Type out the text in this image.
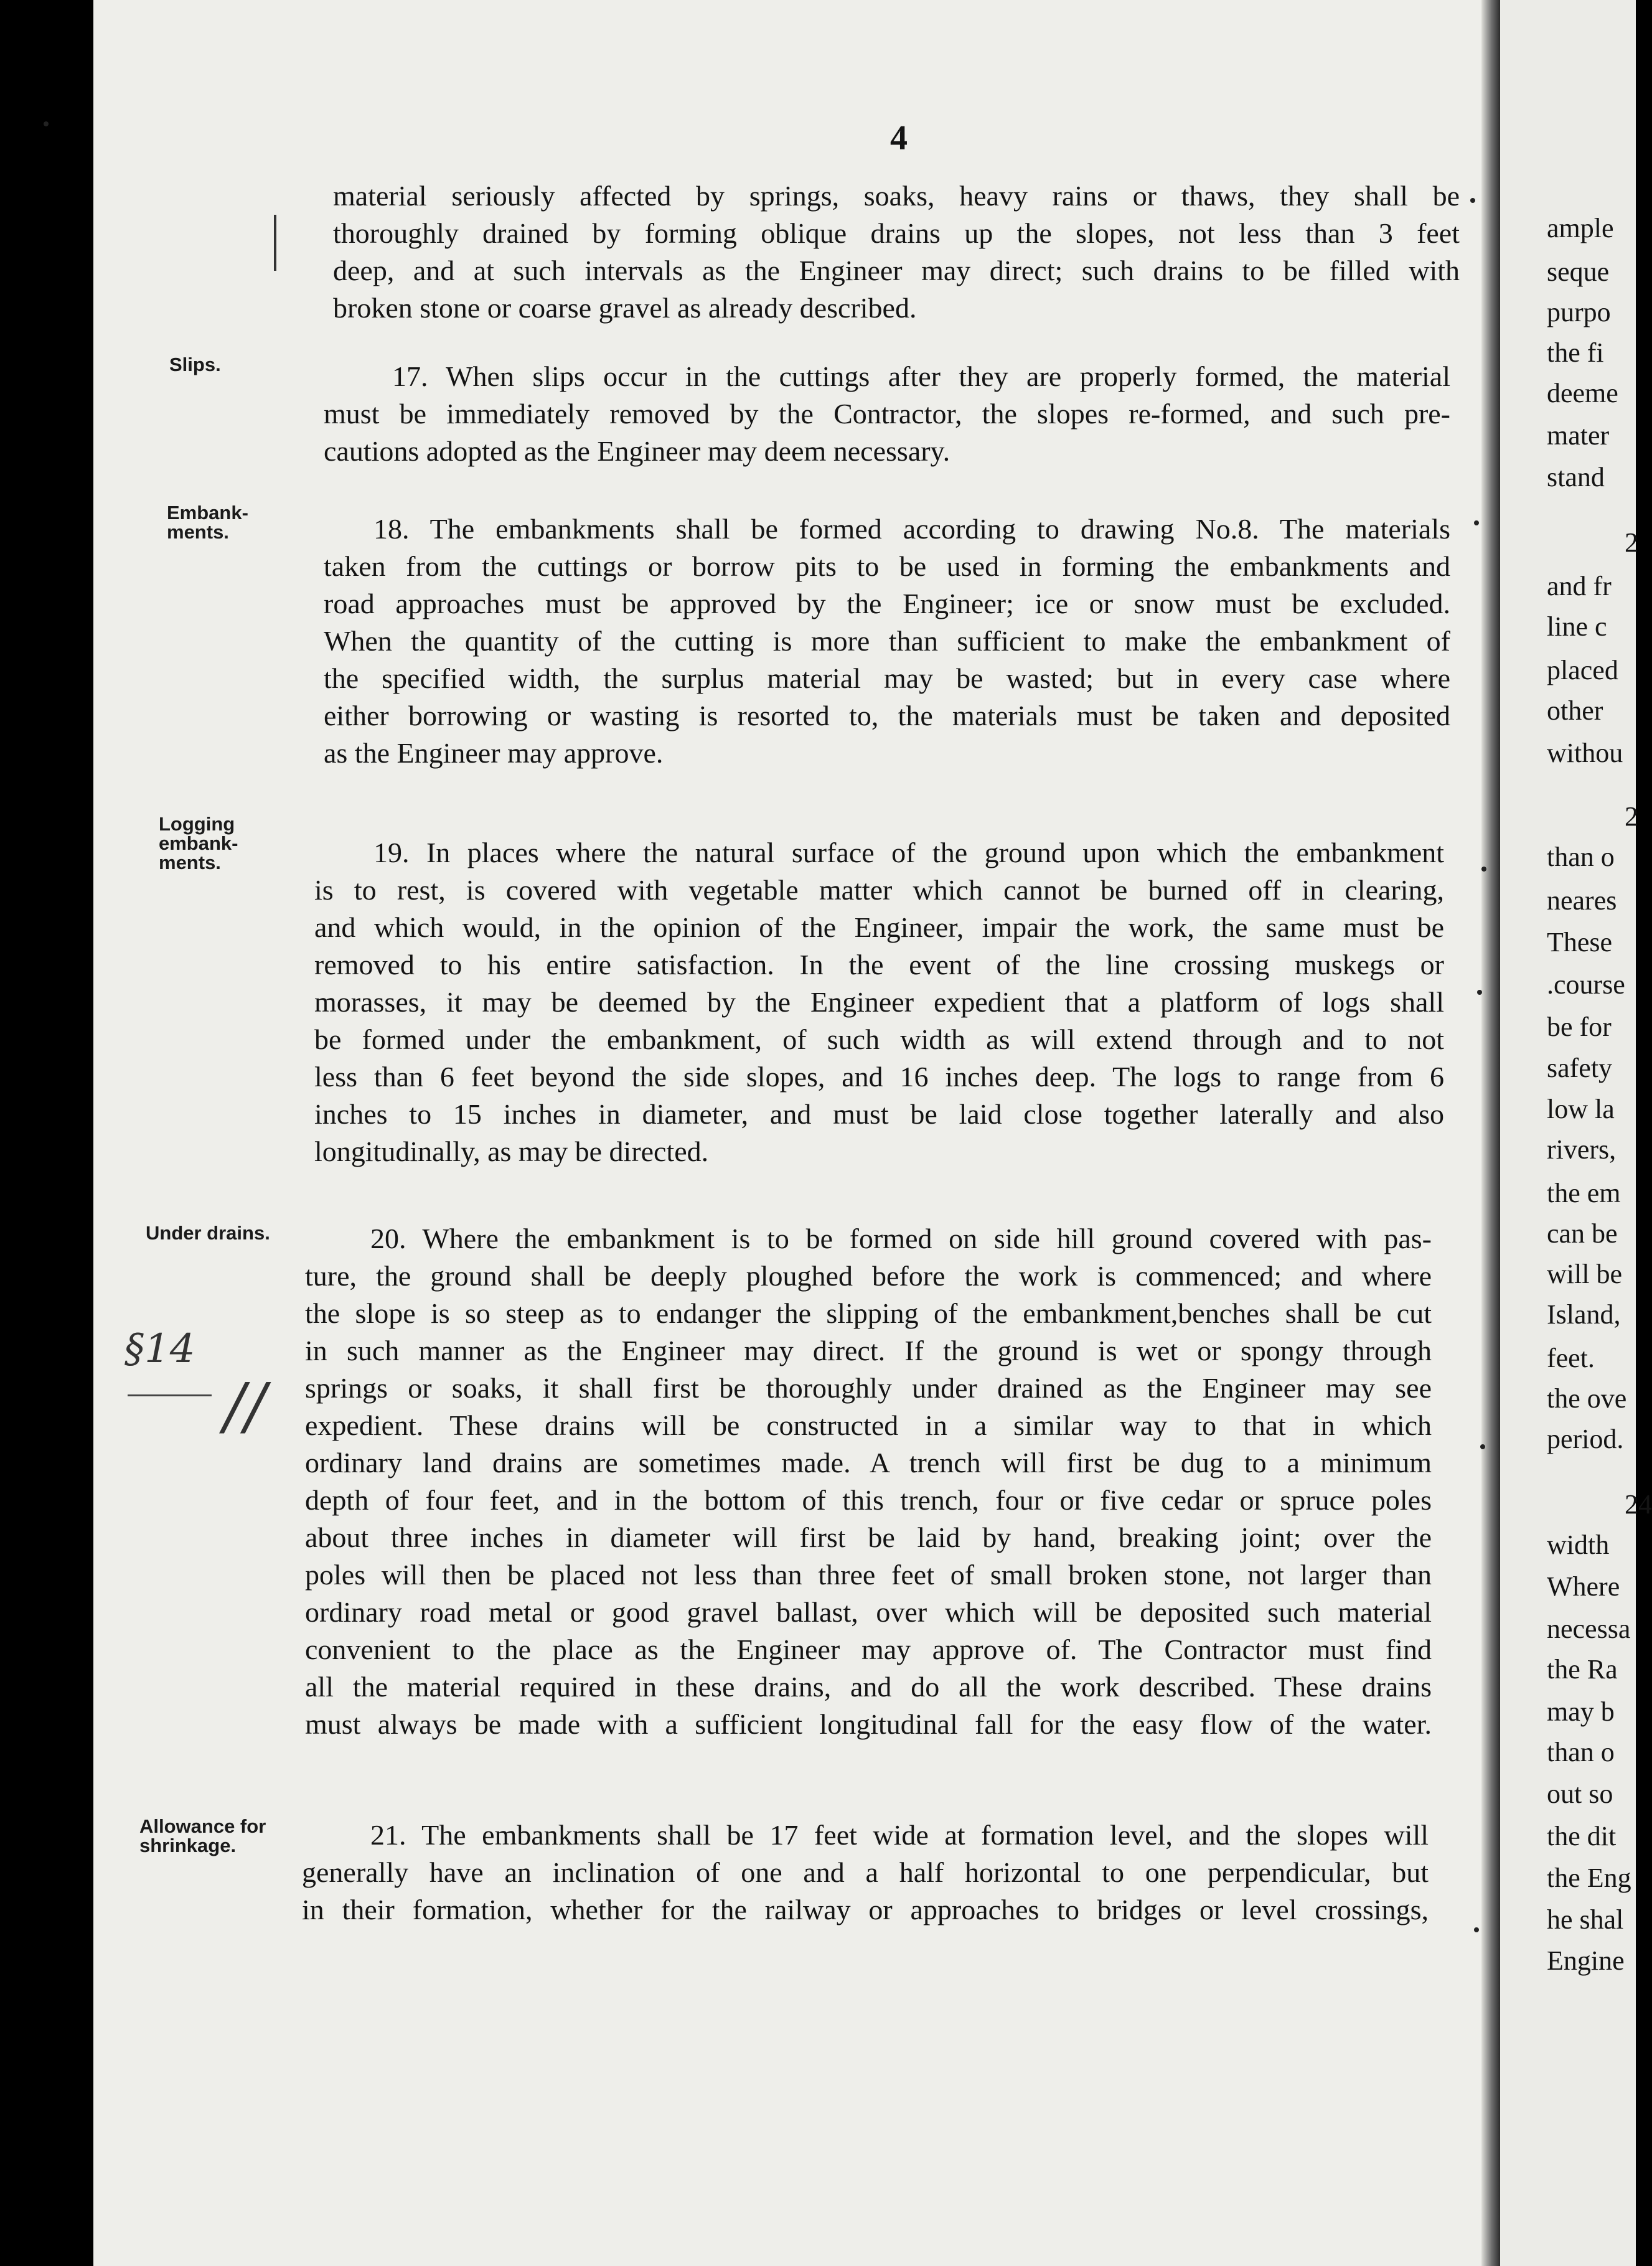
ample
seque
purpo
the fi
deeme
mater
stand
2
and fr
line c
placed
other
withou
2
than o
neares
These
.course
be for
safety
low la
rivers,
the em
can be
will be
Island,
feet.
the ove
period.
24
width
Where
necessa
the Ra
may b
than o
out so
the dit
the Eng
he shal
Engine
4
Slips.
Embank-
ments.
Logging
embank-
ments.
Under drains.
Allowance for
shrinkage.
§14
//
material seriously affected by springs, soaks, heavy rains or thaws, they shall be
thoroughly drained by forming oblique drains up the slopes, not less than 3 feet
deep, and at such intervals as the Engineer may direct; such drains to be filled with
broken stone or coarse gravel as already described.
17. When slips occur in the cuttings after they are properly formed, the material
must be immediately removed by the Contractor, the slopes re-formed, and such pre-
cautions adopted as the Engineer may deem necessary.
18. The embankments shall be formed according to drawing No.8. The materials
taken from the cuttings or borrow pits to be used in forming the embankments and
road approaches must be approved by the Engineer; ice or snow must be excluded.
When the quantity of the cutting is more than sufficient to make the embankment of
the specified width, the surplus material may be wasted; but in every case where
either borrowing or wasting is resorted to, the materials must be taken and deposited
as the Engineer may approve.
19. In places where the natural surface of the ground upon which the embankment
is to rest, is covered with vegetable matter which cannot be burned off in clearing,
and which would, in the opinion of the Engineer, impair the work, the same must be
removed to his entire satisfaction. In the event of the line crossing muskegs or
morasses, it may be deemed by the Engineer expedient that a platform of logs shall
be formed under the embankment, of such width as will extend through and to not
less than 6 feet beyond the side slopes, and 16 inches deep. The logs to range from 6
inches to 15 inches in diameter, and must be laid close together laterally and also
longitudinally, as may be directed.
20. Where the embankment is to be formed on side hill ground covered with pas-
ture, the ground shall be deeply ploughed before the work is commenced; and where
the slope is so steep as to endanger the slipping of the embankment,benches shall be cut
in such manner as the Engineer may direct. If the ground is wet or spongy through
springs or soaks, it shall first be thoroughly under drained as the Engineer may see
expedient. These drains will be constructed in a similar way to that in which
ordinary land drains are sometimes made. A trench will first be dug to a minimum
depth of four feet, and in the bottom of this trench, four or five cedar or spruce poles
about three inches in diameter will first be laid by hand, breaking joint; over the
poles will then be placed not less than three feet of small broken stone, not larger than
ordinary road metal or good gravel ballast, over which will be deposited such material
convenient to the place as the Engineer may approve of. The Contractor must find
all the material required in these drains, and do all the work described. These drains
must always be made with a sufficient longitudinal fall for the easy flow of the water.
21. The embankments shall be 17 feet wide at formation level, and the slopes will
generally have an inclination of one and a half horizontal to one perpendicular, but
in their formation, whether for the railway or approaches to bridges or level crossings,
